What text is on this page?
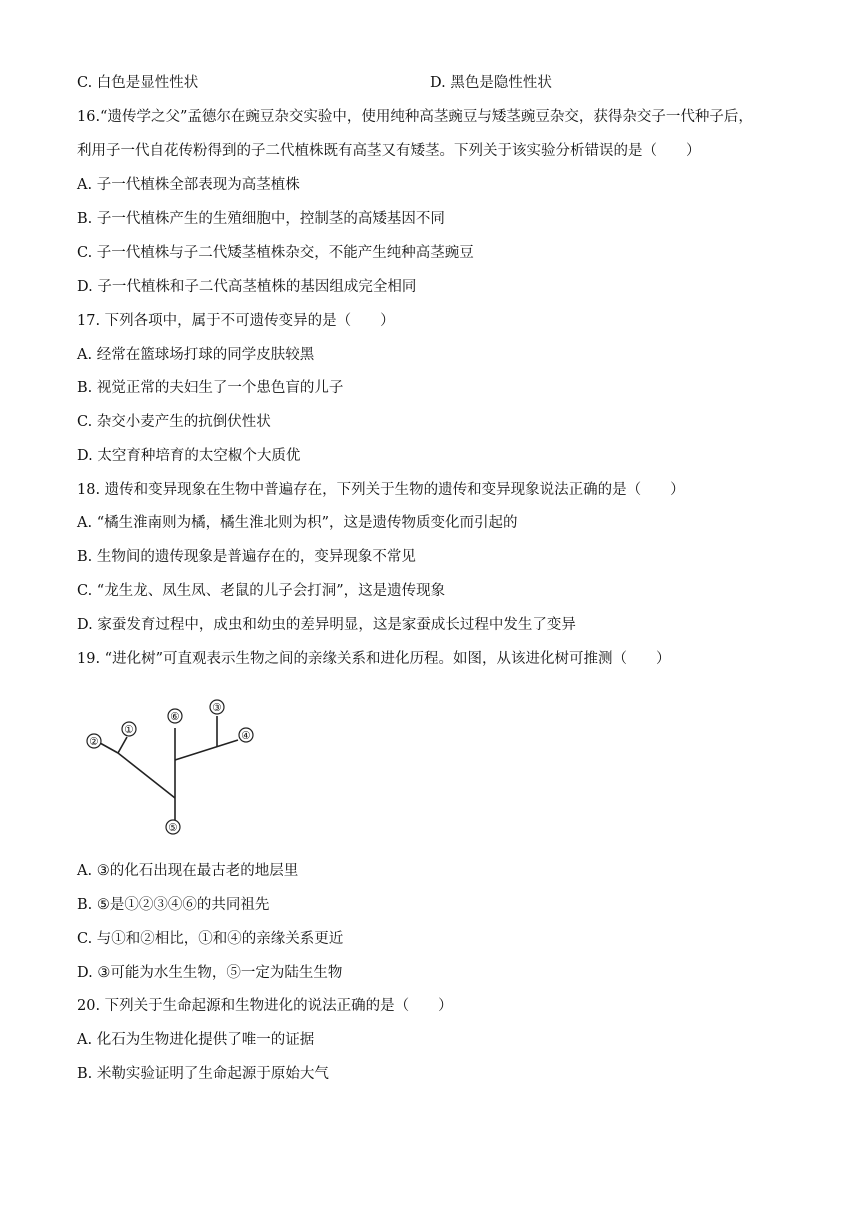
C. 白色是显性性状	D. 黑色是隐性性状
16.“遗传学之父”孟德尔在豌豆杂交实验中，使用纯种高茎豌豆与矮茎豌豆杂交，获得杂交子一代种子后，
利用子一代自花传粉得到的子二代植株既有高茎又有矮茎。下列关于该实验分析错误的是（　　）
A. 子一代植株全部表现为高茎植株
B. 子一代植株产生的生殖细胞中，控制茎的高矮基因不同
C. 子一代植株与子二代矮茎植株杂交，不能产生纯种高茎豌豆
D. 子一代植株和子二代高茎植株的基因组成完全相同
17. 下列各项中，属于不可遗传变异的是（　　）
A. 经常在篮球场打球的同学皮肤较黑
B. 视觉正常的夫妇生了一个患色盲的儿子
C. 杂交小麦产生的抗倒伏性状
D. 太空育种培育的太空椒个大质优
18. 遗传和变异现象在生物中普遍存在，下列关于生物的遗传和变异现象说法正确的是（　　）
A. “橘生淮南则为橘，橘生淮北则为枳”，这是遗传物质变化而引起的
B. 生物间的遗传现象是普遍存在的，变异现象不常见
C. “龙生龙、凤生凤、老鼠的儿子会打洞”，这是遗传现象
D. 家蚕发育过程中，成虫和幼虫的差异明显，这是家蚕成长过程中发生了变异
19. “进化树”可直观表示生物之间的亲缘关系和进化历程。如图，从该进化树可推测（　　）
①
②
③
④
⑤
⑥
A. ③的化石出现在最古老的地层里
B. ⑤是①②③④⑥的共同祖先
C. 与①和②相比，①和④的亲缘关系更近
D. ③可能为水生生物，⑤一定为陆生生物
20. 下列关于生命起源和生物进化的说法正确的是（　　）
A. 化石为生物进化提供了唯一的证据
B. 米勒实验证明了生命起源于原始大气
